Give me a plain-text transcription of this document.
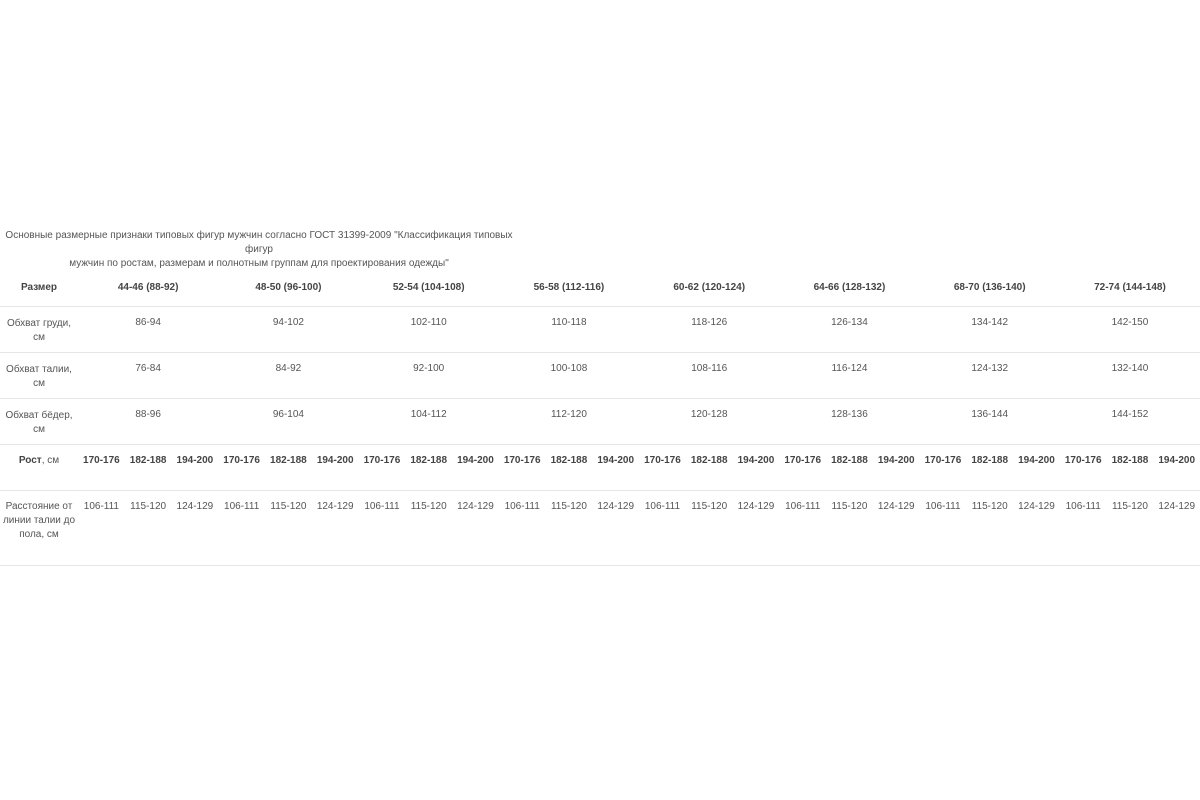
Основные размерные признаки типовых фигур мужчин согласно ГОСТ 31399-2009 "Классификация типовых фигур
мужчин по ростам, размерам и полнотным группам для проектирования одежды"
Размер	44-46 (88-92)			48-50 (96-100)			52-54 (104-108)			56-58 (112-116)			60-62 (120-124)			64-66 (128-132)			68-70 (136-140)			72-74 (144-148)		
Обхват груди, см	86-94			94-102			102-110			110-118			118-126			126-134			134-142			142-150		
Обхват талии, см	76-84			84-92			92-100			100-108			108-116			116-124			124-132			132-140		
Обхват бёдер, см	88-96			96-104			104-112			112-120			120-128			128-136			136-144			144-152		
Рост, см	170-176	182-188	194-200	170-176	182-188	194-200	170-176	182-188	194-200	170-176	182-188	194-200	170-176	182-188	194-200	170-176	182-188	194-200	170-176	182-188	194-200	170-176	182-188	194-200
Расстояние от линии талии до пола, см	106-111	115-120	124-129	106-111	115-120	124-129	106-111	115-120	124-129	106-111	115-120	124-129	106-111	115-120	124-129	106-111	115-120	124-129	106-111	115-120	124-129	106-111	115-120	124-129
